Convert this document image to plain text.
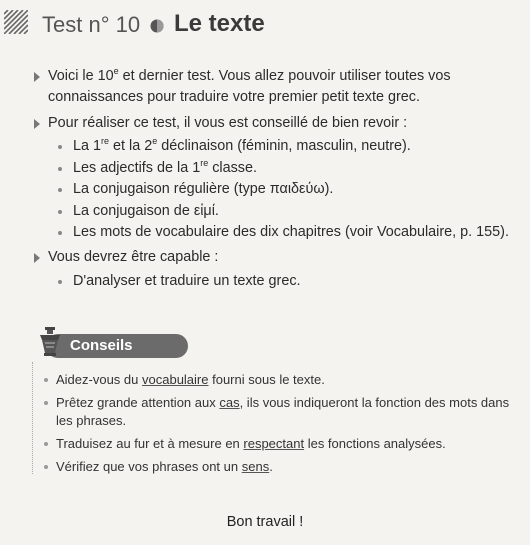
Test n° 10 Le texte
Voici le 10e et dernier test. Vous allez pouvoir utiliser toutes vos
connaissances pour traduire votre premier petit texte grec.
Pour réaliser ce test, il vous est conseillé de bien revoir :
La 1re et la 2e déclinaison (féminin, masculin, neutre).
Les adjectifs de la 1re classe.
La conjugaison régulière (type παιδεύω).
La conjugaison de εἰμί.
Les mots de vocabulaire des dix chapitres (voir Vocabulaire, p. 155).
Vous devrez être capable :
D'analyser et traduire un texte grec.
Conseils
Aidez-vous du vocabulaire fourni sous le texte.
Prêtez grande attention aux cas, ils vous indiqueront la fonction des mots dans
les phrases.
Traduisez au fur et à mesure en respectant les fonctions analysées.
Vérifiez que vos phrases ont un sens.
Bon travail !
